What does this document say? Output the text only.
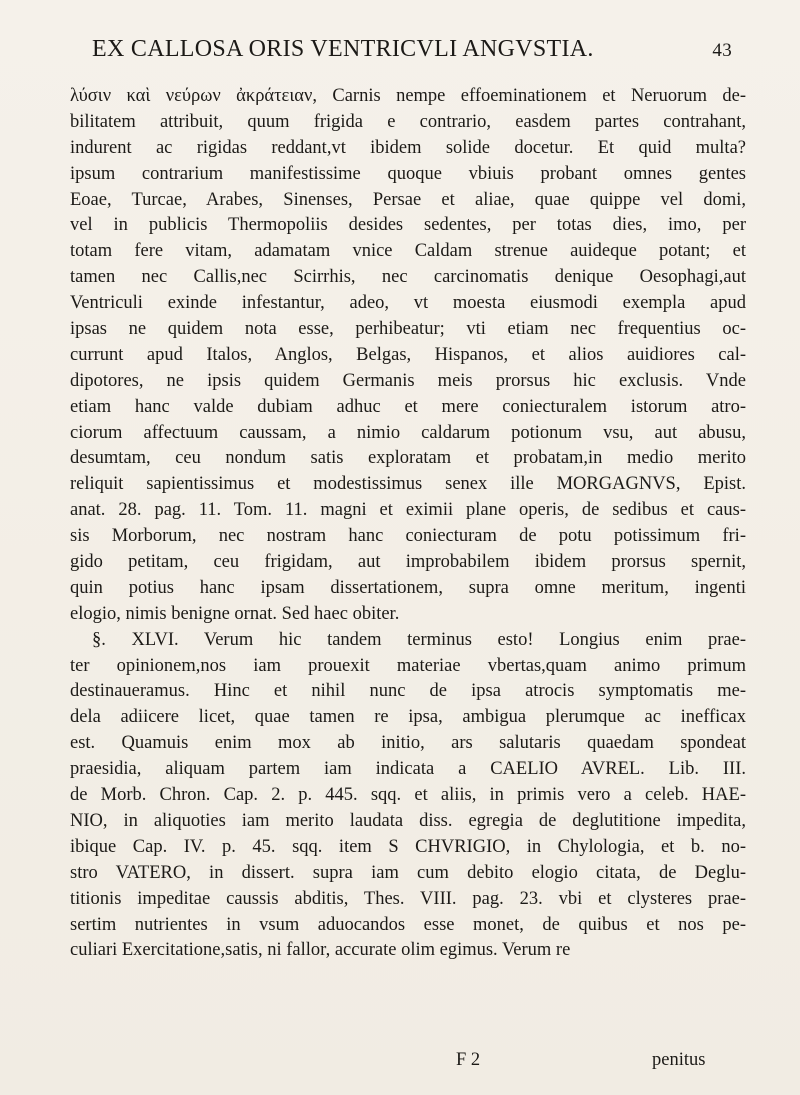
EX CALLOSA ORIS VENTRICVLI ANGVSTIA.	43
λύσιν καὶ νεύρων ἀκράτειαν, Carnis nempe effoeminationem et Neruorum de-
bilitatem attribuit, quum frigida e contrario, easdem partes contrahant,
indurent ac rigidas reddant,vt ibidem solide docetur. Et quid multa?
ipsum contrarium manifestissime quoque vbiuis probant omnes gentes
Eoae, Turcae, Arabes, Sinenses, Persae et aliae, quae quippe vel domi,
vel in publicis Thermopoliis desides sedentes, per totas dies, imo, per
totam fere vitam, adamatam vnice Caldam strenue auideque potant; et
tamen nec Callis,nec Scirrhis, nec carcinomatis denique Oesophagi,aut
Ventriculi exinde infestantur, adeo, vt moesta eiusmodi exempla apud
ipsas ne quidem nota esse, perhibeatur; vti etiam nec frequentius oc-
currunt apud Italos, Anglos, Belgas, Hispanos, et alios auidiores cal-
dipotores, ne ipsis quidem Germanis meis prorsus hic exclusis. Vnde
etiam hanc valde dubiam adhuc et mere coniecturalem istorum atro-
ciorum affectuum caussam, a nimio caldarum potionum vsu, aut abusu,
desumtam, ceu nondum satis exploratam et probatam,in medio merito
reliquit sapientissimus et modestissimus senex ille MORGAGNVS, Epist.
anat. 28. pag. 11. Tom. 11. magni et eximii plane operis, de sedibus et caus-
sis Morborum, nec nostram hanc coniecturam de potu potissimum fri-
gido petitam, ceu frigidam, aut improbabilem ibidem prorsus spernit,
quin potius hanc ipsam dissertationem, supra omne meritum, ingenti
elogio, nimis benigne ornat. Sed haec obiter.
§. XLVI. Verum hic tandem terminus esto! Longius enim prae-
ter opinionem,nos iam prouexit materiae vbertas,quam animo primum
destinaueramus. Hinc et nihil nunc de ipsa atrocis symptomatis me-
dela adiicere licet, quae tamen re ipsa, ambigua plerumque ac inefficax
est. Quamuis enim mox ab initio, ars salutaris quaedam spondeat
praesidia, aliquam partem iam indicata a CAELIO AVREL. Lib. III.
de Morb. Chron. Cap. 2. p. 445. sqq. et aliis, in primis vero a celeb. HAE-
NIO, in aliquoties iam merito laudata diss. egregia de deglutitione impedita,
ibique Cap. IV. p. 45. sqq. item S CHVRIGIO, in Chylologia, et b. no-
stro VATERO, in dissert. supra iam cum debito elogio citata, de Deglu-
titionis impeditae caussis abditis, Thes. VIII. pag. 23. vbi et clysteres prae-
sertim nutrientes in vsum aduocandos esse monet, de quibus et nos pe-
culiari Exercitatione,satis, ni fallor, accurate olim egimus. Verum re
F 2	penitus
